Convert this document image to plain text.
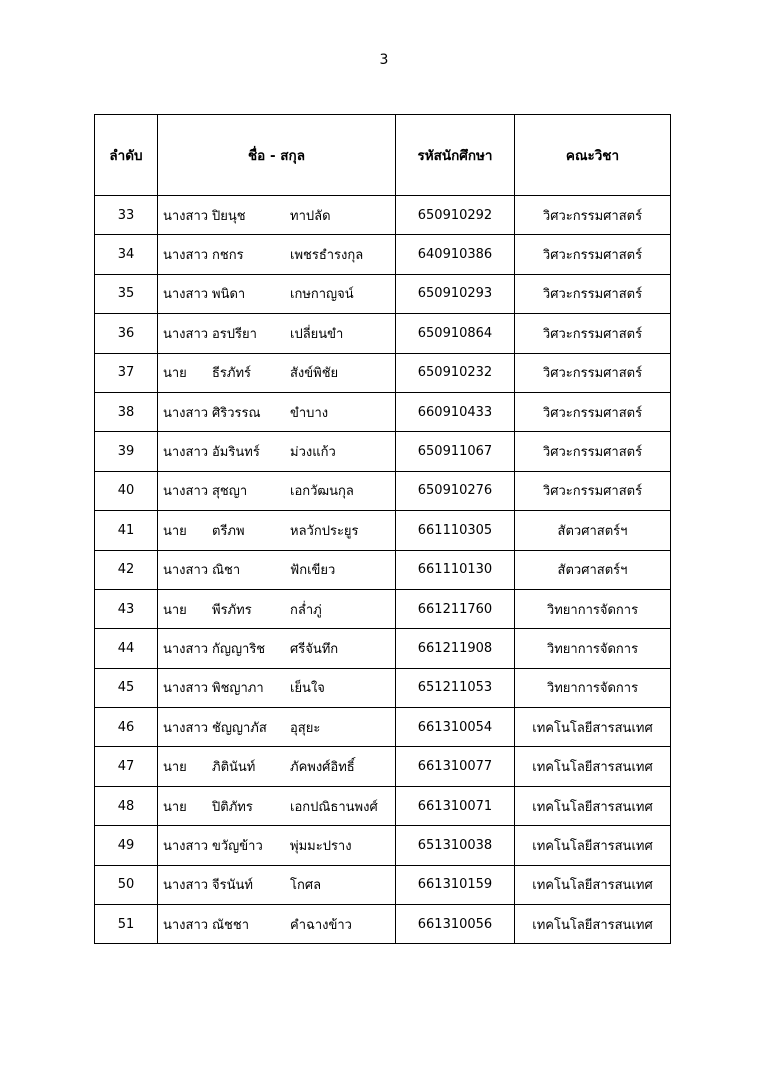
3
ลำดับ	ชื่อ - สกุล	รหัสนักศึกษา	คณะวิชา
33	นางสาว ปิยนุช ทาปลัด	650910292	วิศวะกรรมศาสตร์
34	นางสาว กชกร เพชรธำรงกุล	640910386	วิศวะกรรมศาสตร์
35	นางสาว พนิดา เกษกาญจน์	650910293	วิศวะกรรมศาสตร์
36	นางสาว อรปรียา เปลี่ยนขำ	650910864	วิศวะกรรมศาสตร์
37	นาย ธีรภัทร์ สังข์พิชัย	650910232	วิศวะกรรมศาสตร์
38	นางสาว ศิริวรรณ ขำบาง	660910433	วิศวะกรรมศาสตร์
39	นางสาว อัมรินทร์ ม่วงแก้ว	650911067	วิศวะกรรมศาสตร์
40	นางสาว สุชญา เอกวัฒนกุล	650910276	วิศวะกรรมศาสตร์
41	นาย ตรีภพ หลวักประยูร	661110305	สัตวศาสตร์ฯ
42	นางสาว ณิชา ฟักเขียว	661110130	สัตวศาสตร์ฯ
43	นาย พีรภัทร กล่ำภู่	661211760	วิทยาการจัดการ
44	นางสาว กัญญาริช ศรีจันทึก	661211908	วิทยาการจัดการ
45	นางสาว พิชญาภา เย็นใจ	651211053	วิทยาการจัดการ
46	นางสาว ชัญญาภัส อุสุยะ	661310054	เทคโนโลยีสารสนเทศ
47	นาย ภิตินันท์ ภัคพงศ์อิทธิ์	661310077	เทคโนโลยีสารสนเทศ
48	นาย ปิติภัทร เอกปณิธานพงศ์	661310071	เทคโนโลยีสารสนเทศ
49	นางสาว ขวัญข้าว พุ่มมะปราง	651310038	เทคโนโลยีสารสนเทศ
50	นางสาว จีรนันท์ โกศล	661310159	เทคโนโลยีสารสนเทศ
51	นางสาว ณัชชา คำฉางข้าว	661310056	เทคโนโลยีสารสนเทศ
